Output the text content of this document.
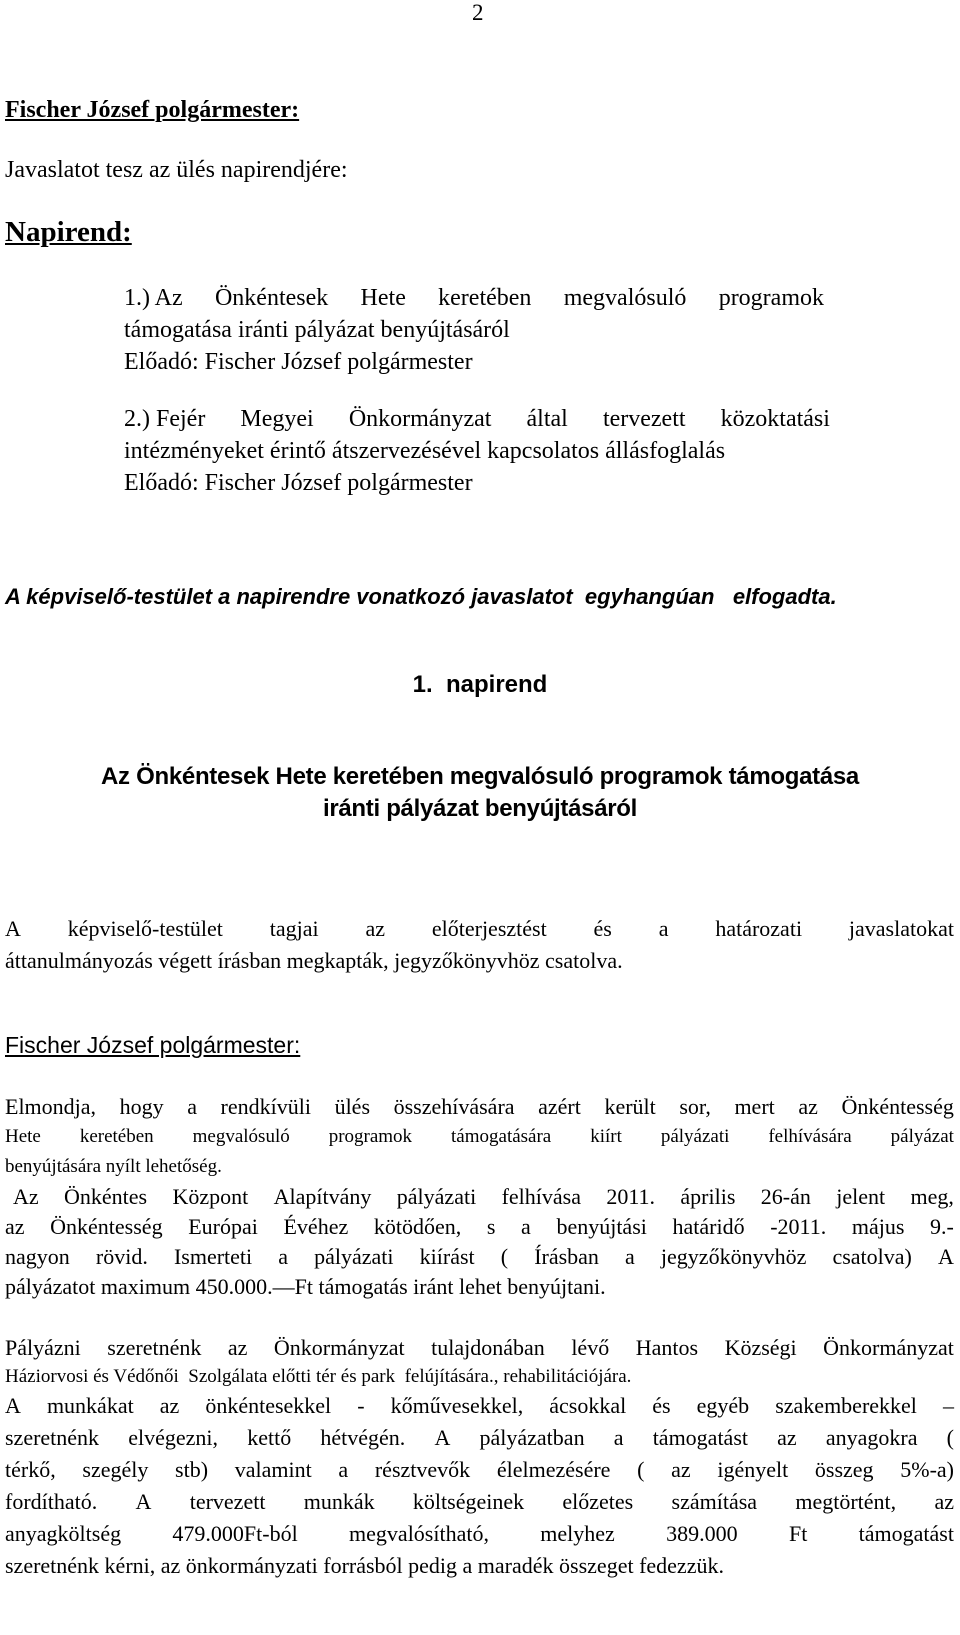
2
Fischer József polgármester:
Javaslatot tesz az ülés napirendjére:
Napirend:
1.) Az Önkéntesek Hete keretében megvalósuló programok
támogatása iránti pályázat benyújtásáról
Előadó: Fischer József polgármester
2.) Fejér Megyei Önkormányzat által tervezett közoktatási
intézményeket érintő átszervezésével kapcsolatos állásfoglalás
Előadó: Fischer József polgármester
A képviselő-testület a napirendre vonatkozó javaslatot  egyhangúan   elfogadta.
1.  napirend
Az Önkéntesek Hete keretében megvalósuló programok támogatása
iránti pályázat benyújtásáról
A képviselő-testület tagjai az előterjesztést és a határozati javaslatokat
áttanulmányozás végett írásban megkapták, jegyzőkönyvhöz csatolva.
Fischer József polgármester:
Elmondja, hogy a rendkívüli ülés összehívására azért került sor, mert az Önkéntesség
Hete keretében megvalósuló programok támogatására kiírt pályázati felhívására pályázat
benyújtására nyílt lehetőség.
Az Önkéntes Központ Alapítvány pályázati felhívása 2011. április 26-án jelent meg,
az Önkéntesség Európai Évéhez kötödően, s a benyújtási határidő -2011. május 9.-
nagyon rövid. Ismerteti a pályázati kiírást ( Írásban a jegyzőkönyvhöz csatolva) A
pályázatot maximum 450.000.—Ft támogatás iránt lehet benyújtani.
Pályázni szeretnénk az Önkormányzat tulajdonában lévő Hantos Községi Önkormányzat
Háziorvosi és Védőnői  Szolgálata előtti tér és park  felújítására., rehabilitációjára.
A munkákat az önkéntesekkel - kőművesekkel, ácsokkal és egyéb szakemberekkel –
szeretnénk elvégezni, kettő hétvégén. A pályázatban a támogatást az anyagokra (
térkő, szegély stb) valamint a résztvevők élelmezésére ( az igényelt összeg 5%-a)
fordítható. A tervezett munkák költségeinek előzetes számítása megtörtént, az
anyagköltség 479.000Ft-ból megvalósítható, melyhez 389.000 Ft támogatást
szeretnénk kérni, az önkormányzati forrásból pedig a maradék összeget fedezzük.
